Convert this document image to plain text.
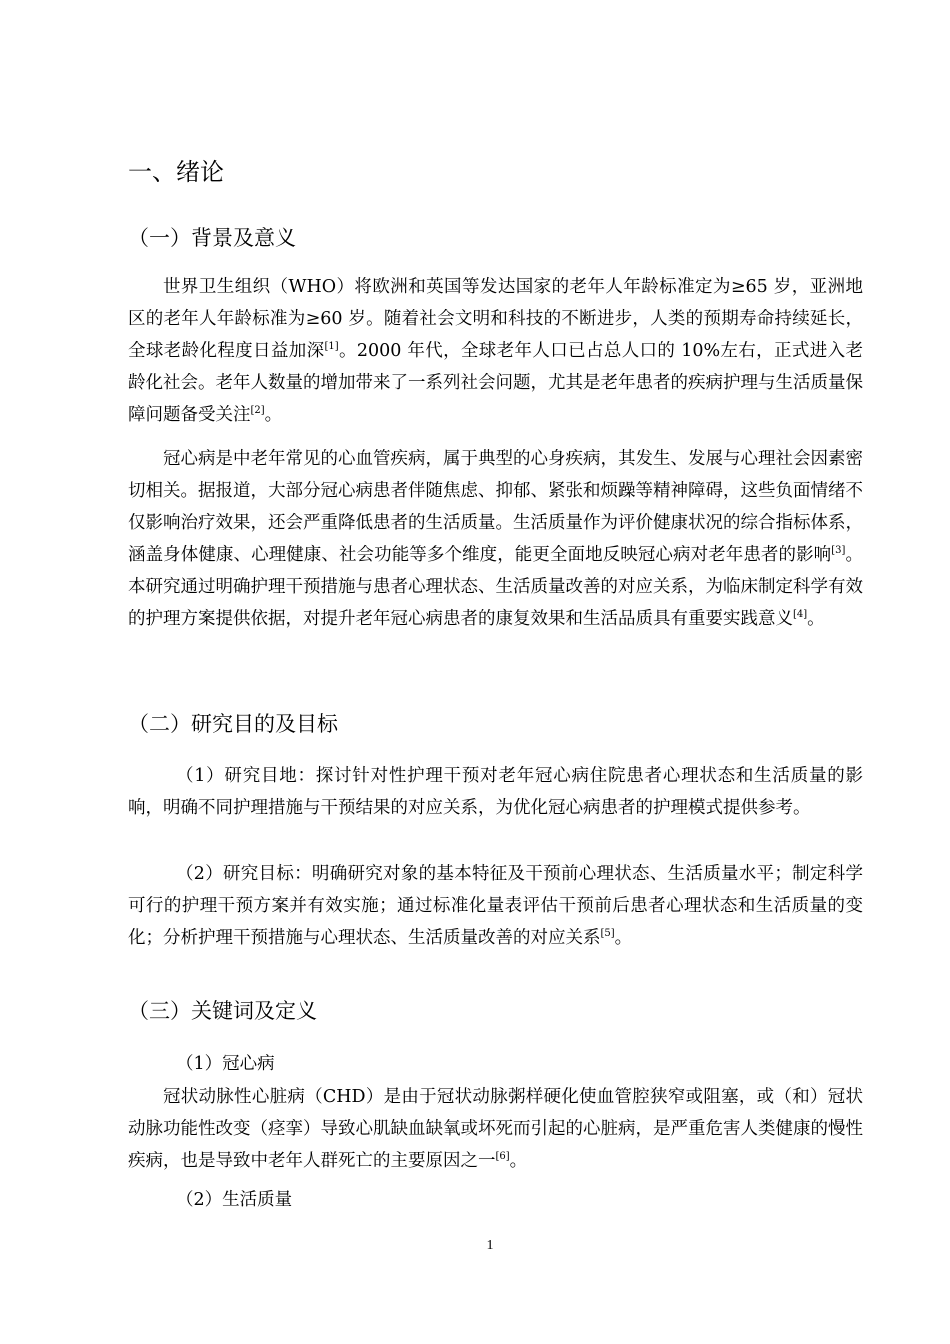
一、绪论
（一）背景及意义
世界卫生组织（WHO）将欧洲和英国等发达国家的老年人年龄标准定为≥65 岁，亚洲地区的老年人年龄标准为≥60 岁。随着社会文明和科技的不断进步，人类的预期寿命持续延长，全球老龄化程度日益加深[1]。2000 年代，全球老年人口已占总人口的 10%左右，正式进入老龄化社会。老年人数量的增加带来了一系列社会问题，尤其是老年患者的疾病护理与生活质量保障问题备受关注[2]。
冠心病是中老年常见的心血管疾病，属于典型的心身疾病，其发生、发展与心理社会因素密切相关。据报道，大部分冠心病患者伴随焦虑、抑郁、紧张和烦躁等精神障碍，这些负面情绪不仅影响治疗效果，还会严重降低患者的生活质量。生活质量作为评价健康状况的综合指标体系，涵盖身体健康、心理健康、社会功能等多个维度，能更全面地反映冠心病对老年患者的影响[3]。本研究通过明确护理干预措施与患者心理状态、生活质量改善的对应关系，为临床制定科学有效的护理方案提供依据，对提升老年冠心病患者的康复效果和生活品质具有重要实践意义[4]。
（二）研究目的及目标
（1）研究目地：探讨针对性护理干预对老年冠心病住院患者心理状态和生活质量的影响，明确不同护理措施与干预结果的对应关系，为优化冠心病患者的护理模式提供参考。
（2）研究目标：明确研究对象的基本特征及干预前心理状态、生活质量水平；制定科学可行的护理干预方案并有效实施；通过标准化量表评估干预前后患者心理状态和生活质量的变化；分析护理干预措施与心理状态、生活质量改善的对应关系[5]。
（三）关键词及定义
（1）冠心病
冠状动脉性心脏病（CHD）是由于冠状动脉粥样硬化使血管腔狭窄或阻塞，或（和）冠状动脉功能性改变（痉挛）导致心肌缺血缺氧或坏死而引起的心脏病，是严重危害人类健康的慢性疾病，也是导致中老年人群死亡的主要原因之一[6]。
（2）生活质量
1
